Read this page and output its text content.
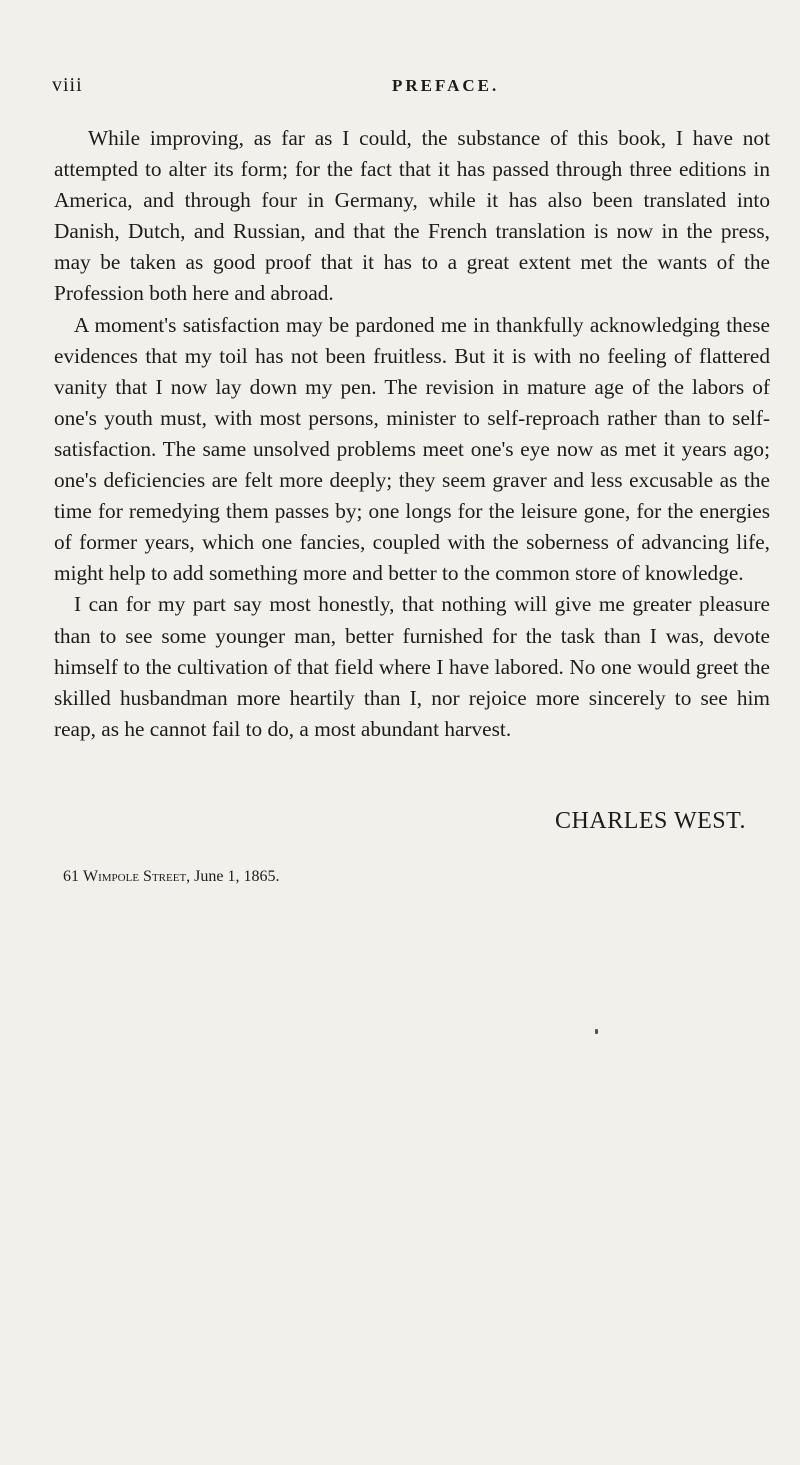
viii	PREFACE.

While improving, as far as I could, the substance of this book, I have not attempted to alter its form; for the fact that it has passed through three editions in America, and through four in Germany, while it has also been translated into Danish, Dutch, and Russian, and that the French translation is now in the press, may be taken as good proof that it has to a great extent met the wants of the Profession both here and abroad.

A moment's satisfaction may be pardoned me in thankfully acknowledging these evidences that my toil has not been fruitless. But it is with no feeling of flattered vanity that I now lay down my pen. The revision in mature age of the labors of one's youth must, with most persons, minister to self-reproach rather than to self-satisfaction. The same unsolved problems meet one's eye now as met it years ago; one's deficiencies are felt more deeply; they seem graver and less excusable as the time for remedying them passes by; one longs for the leisure gone, for the energies of former years, which one fancies, coupled with the soberness of advancing life, might help to add something more and better to the common store of knowledge.

I can for my part say most honestly, that nothing will give me greater pleasure than to see some younger man, better furnished for the task than I was, devote himself to the cultivation of that field where I have labored. No one would greet the skilled husbandman more heartily than I, nor rejoice more sincerely to see him reap, as he cannot fail to do, a most abundant harvest.

CHARLES WEST.
61 Wimpole Street, June 1, 1865.
